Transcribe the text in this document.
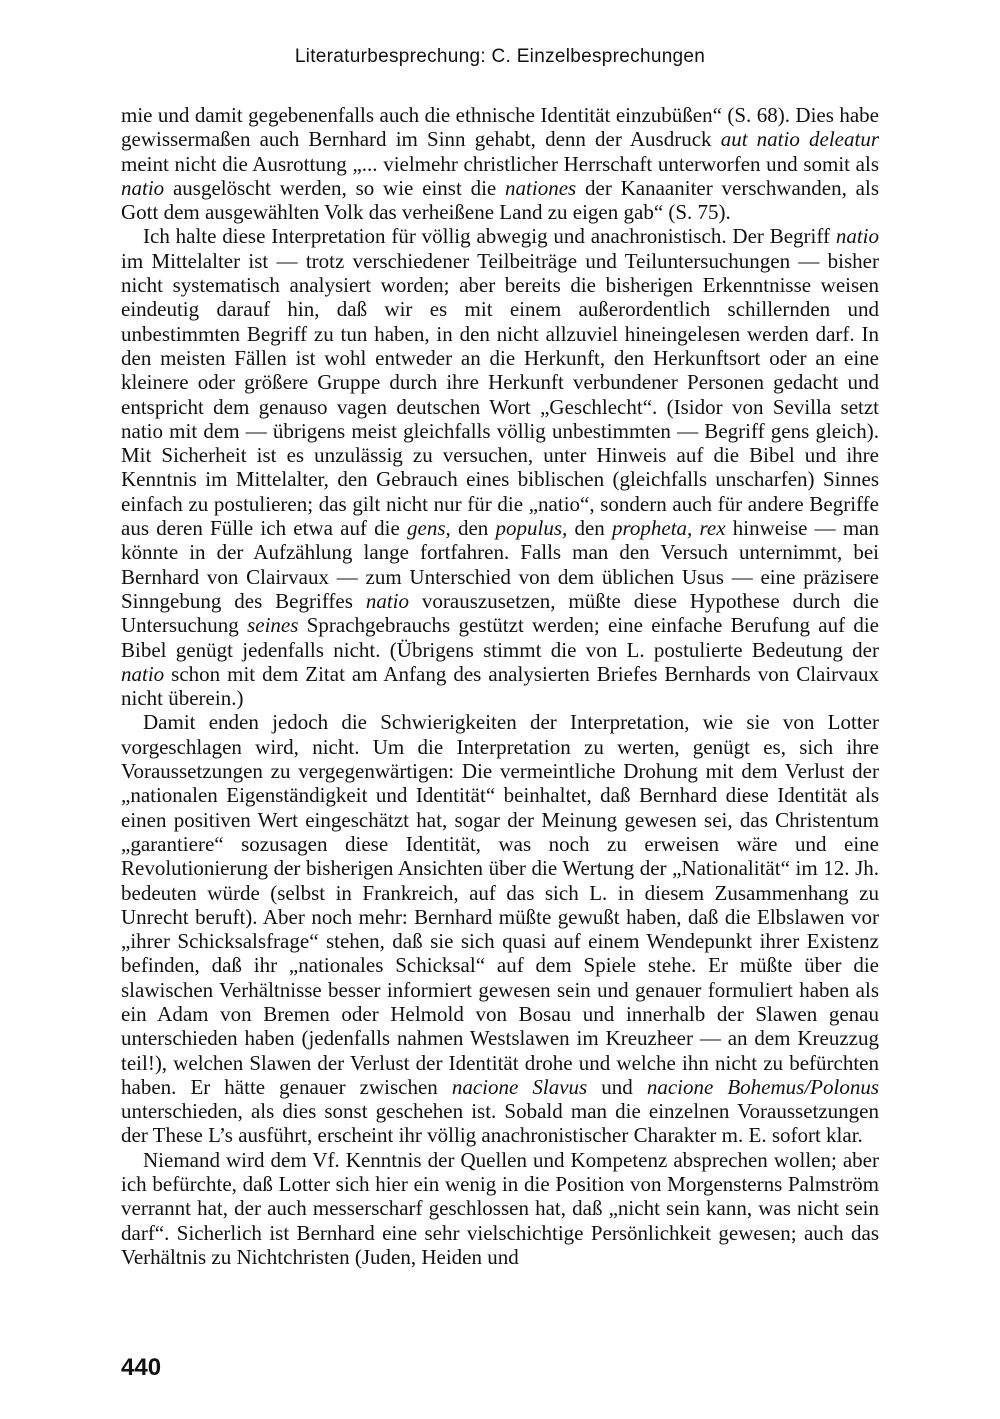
Literaturbesprechung: C. Einzelbesprechungen

mie und damit gegebenenfalls auch die ethnische Identität einzubüßen“ (S. 68). Dies habe gewissermaßen auch Bernhard im Sinn gehabt, denn der Ausdruck aut natio deleatur meint nicht die Ausrottung „... vielmehr christlicher Herrschaft unterworfen und somit als natio ausgelöscht werden, so wie einst die nationes der Kanaaniter verschwanden, als Gott dem ausgewählten Volk das verheißene Land zu eigen gab“ (S. 75).

Ich halte diese Interpretation für völlig abwegig und anachronistisch. Der Begriff natio im Mittelalter ist — trotz verschiedener Teilbeiträge und Teiluntersuchungen — bisher nicht systematisch analysiert worden; aber bereits die bisherigen Erkenntnisse weisen eindeutig darauf hin, daß wir es mit einem außerordentlich schillernden und unbestimmten Begriff zu tun haben, in den nicht allzuviel hineingelesen werden darf. In den meisten Fällen ist wohl entweder an die Herkunft, den Herkunftsort oder an eine kleinere oder größere Gruppe durch ihre Herkunft verbundener Personen gedacht und entspricht dem genauso vagen deutschen Wort „Geschlecht“. (Isidor von Sevilla setzt natio mit dem — übrigens meist gleichfalls völlig unbestimmten — Begriff gens gleich). Mit Sicherheit ist es unzulässig zu versuchen, unter Hinweis auf die Bibel und ihre Kenntnis im Mittelalter, den Gebrauch eines biblischen (gleichfalls unscharfen) Sinnes einfach zu postulieren; das gilt nicht nur für die „natio“, sondern auch für andere Begriffe aus deren Fülle ich etwa auf die gens, den populus, den propheta, rex hinweise — man könnte in der Aufzählung lange fortfahren. Falls man den Versuch unternimmt, bei Bernhard von Clairvaux — zum Unterschied von dem üblichen Usus — eine präzisere Sinngebung des Begriffes natio vorauszusetzen, müßte diese Hypothese durch die Untersuchung seines Sprachgebrauchs gestützt werden; eine einfache Berufung auf die Bibel genügt jedenfalls nicht. (Übrigens stimmt die von L. postulierte Bedeutung der natio schon mit dem Zitat am Anfang des analysierten Briefes Bernhards von Clairvaux nicht überein.)

Damit enden jedoch die Schwierigkeiten der Interpretation, wie sie von Lotter vorgeschlagen wird, nicht. Um die Interpretation zu werten, genügt es, sich ihre Voraussetzungen zu vergegenwärtigen: Die vermeintliche Drohung mit dem Verlust der „nationalen Eigenständigkeit und Identität“ beinhaltet, daß Bernhard diese Identität als einen positiven Wert eingeschätzt hat, sogar der Meinung gewesen sei, das Christentum „garantiere“ sozusagen diese Identität, was noch zu erweisen wäre und eine Revolutionierung der bisherigen Ansichten über die Wertung der „Nationalität“ im 12. Jh. bedeuten würde (selbst in Frankreich, auf das sich L. in diesem Zusammenhang zu Unrecht beruft). Aber noch mehr: Bernhard müßte gewußt haben, daß die Elbslawen vor „ihrer Schicksalsfrage“ stehen, daß sie sich quasi auf einem Wendepunkt ihrer Existenz befinden, daß ihr „nationales Schicksal“ auf dem Spiele stehe. Er müßte über die slawischen Verhältnisse besser informiert gewesen sein und genauer formuliert haben als ein Adam von Bremen oder Helmold von Bosau und innerhalb der Slawen genau unterschieden haben (jedenfalls nahmen Westslawen im Kreuzheer — an dem Kreuzzug teil!), welchen Slawen der Verlust der Identität drohe und welche ihn nicht zu befürchten haben. Er hätte genauer zwischen nacione Slavus und nacione Bohemus/Polonus unterschieden, als dies sonst geschehen ist. Sobald man die einzelnen Voraussetzungen der These L’s ausführt, erscheint ihr völlig anachronistischer Charakter m. E. sofort klar.

Niemand wird dem Vf. Kenntnis der Quellen und Kompetenz absprechen wollen; aber ich befürchte, daß Lotter sich hier ein wenig in die Position von Morgensterns Palmström verrannt hat, der auch messerscharf geschlossen hat, daß „nicht sein kann, was nicht sein darf“. Sicherlich ist Bernhard eine sehr vielschichtige Persönlichkeit gewesen; auch das Verhältnis zu Nichtchristen (Juden, Heiden und

440
